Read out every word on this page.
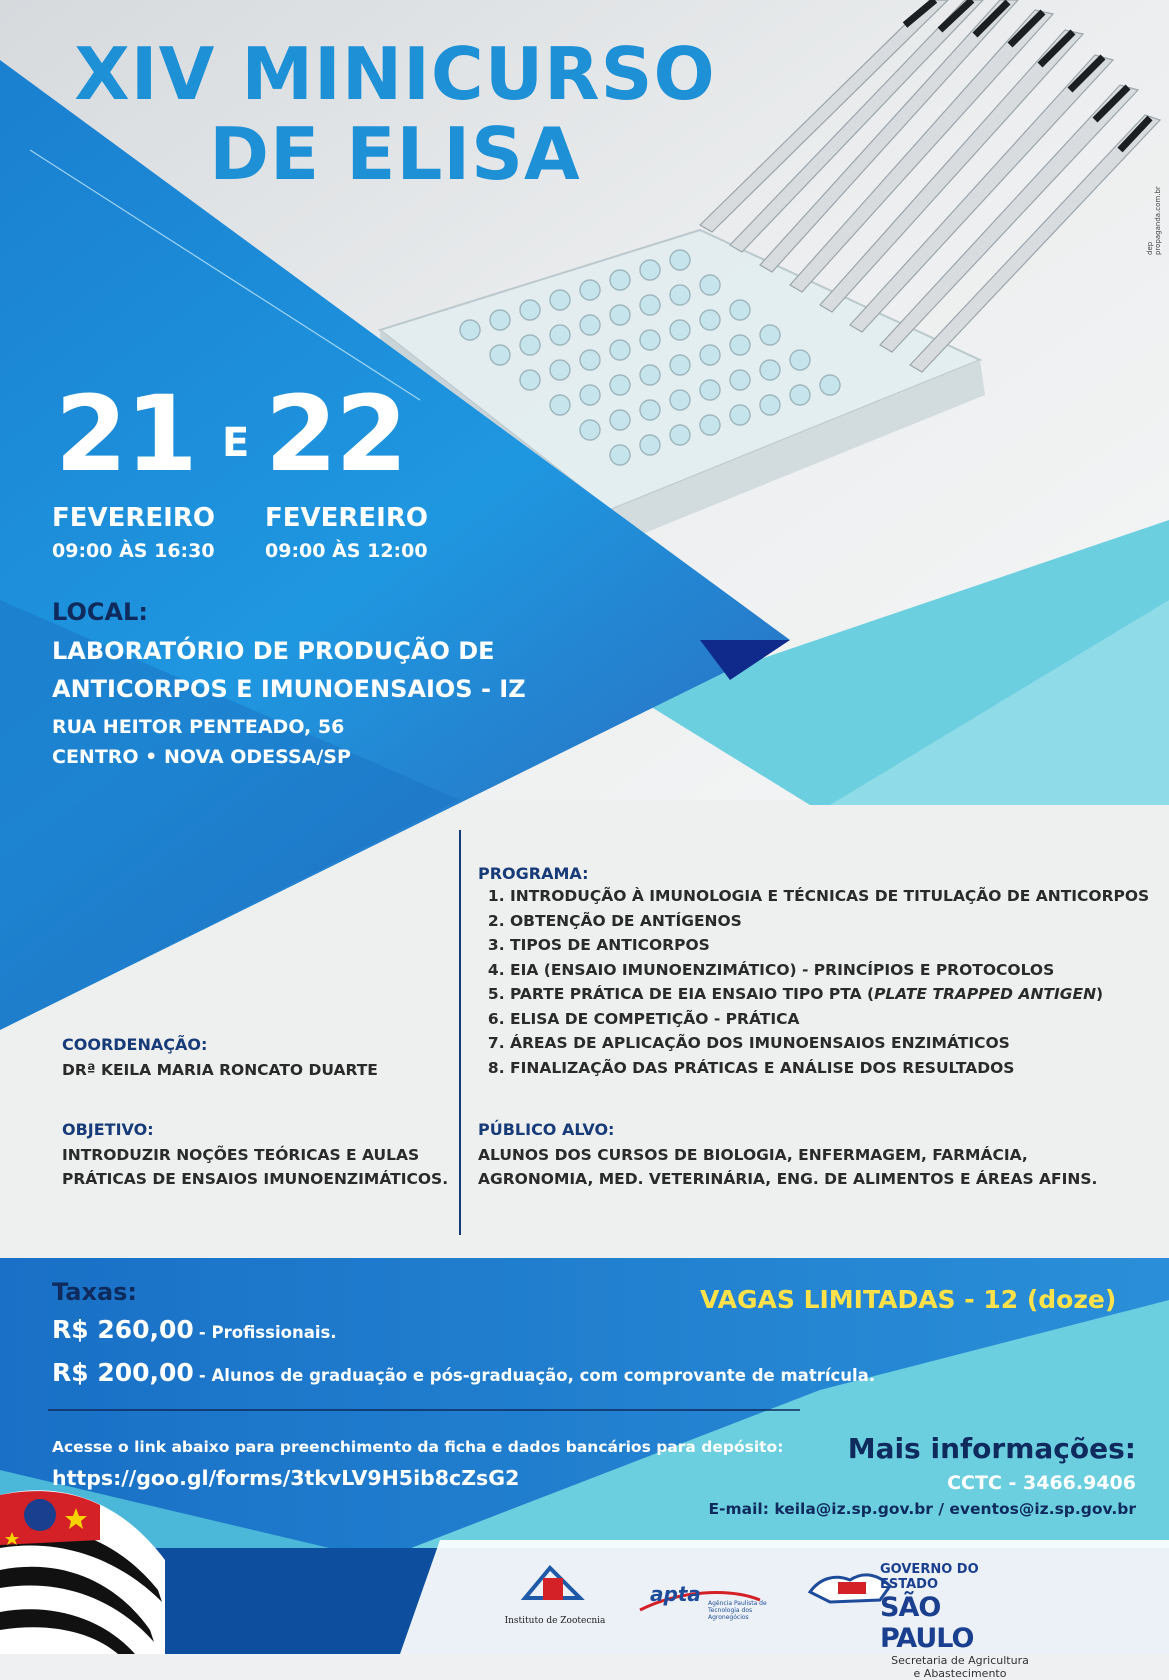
XIV MINICURSO
DE ELISA
dep propaganda.com.br
21 E 22
FEVEREIRO
09:00 ÀS 16:30
FEVEREIRO
09:00 ÀS 12:00
LOCAL:
LABORATÓRIO DE PRODUÇÃO DE
ANTICORPOS E IMUNOENSAIOS - IZ
RUA HEITOR PENTEADO, 56
CENTRO • NOVA ODESSA/SP
PROGRAMA:
1. INTRODUÇÃO À IMUNOLOGIA E TÉCNICAS DE TITULAÇÃO DE ANTICORPOS
2. OBTENÇÃO DE ANTÍGENOS
3. TIPOS DE ANTICORPOS
4. EIA (ENSAIO IMUNOENZIMÁTICO) - PRINCÍPIOS E PROTOCOLOS
5. PARTE PRÁTICA DE EIA ENSAIO TIPO PTA (PLATE TRAPPED ANTIGEN)
6. ELISA DE COMPETIÇÃO - PRÁTICA
7. ÁREAS DE APLICAÇÃO DOS IMUNOENSAIOS ENZIMÁTICOS
8. FINALIZAÇÃO DAS PRÁTICAS E ANÁLISE DOS RESULTADOS
COORDENAÇÃO:
DRª KEILA MARIA RONCATO DUARTE
OBJETIVO:
INTRODUZIR NOÇÕES TEÓRICAS E AULAS
PRÁTICAS DE ENSAIOS IMUNOENZIMÁTICOS.
PÚBLICO ALVO:
ALUNOS DOS CURSOS DE BIOLOGIA, ENFERMAGEM, FARMÁCIA,
AGRONOMIA, MED. VETERINÁRIA, ENG. DE ALIMENTOS E ÁREAS AFINS.
Taxas:
R$ 260,00 - Profissionais.
R$ 200,00 - Alunos de graduação e pós-graduação, com comprovante de matrícula.
VAGAS LIMITADAS - 12 (doze)
Acesse o link abaixo para preenchimento da ficha e dados bancários para depósito:
https://goo.gl/forms/3tkvLV9H5ib8cZsG2
Mais informações:
CCTC - 3466.9406
E-mail: keila@iz.sp.gov.br / eventos@iz.sp.gov.br
Instituto de Zootecnia
apta Agência Paulista de Tecnologia dos Agronegócios
GOVERNO DO ESTADO
SÃO PAULO
Secretaria de Agricultura
e Abastecimento
